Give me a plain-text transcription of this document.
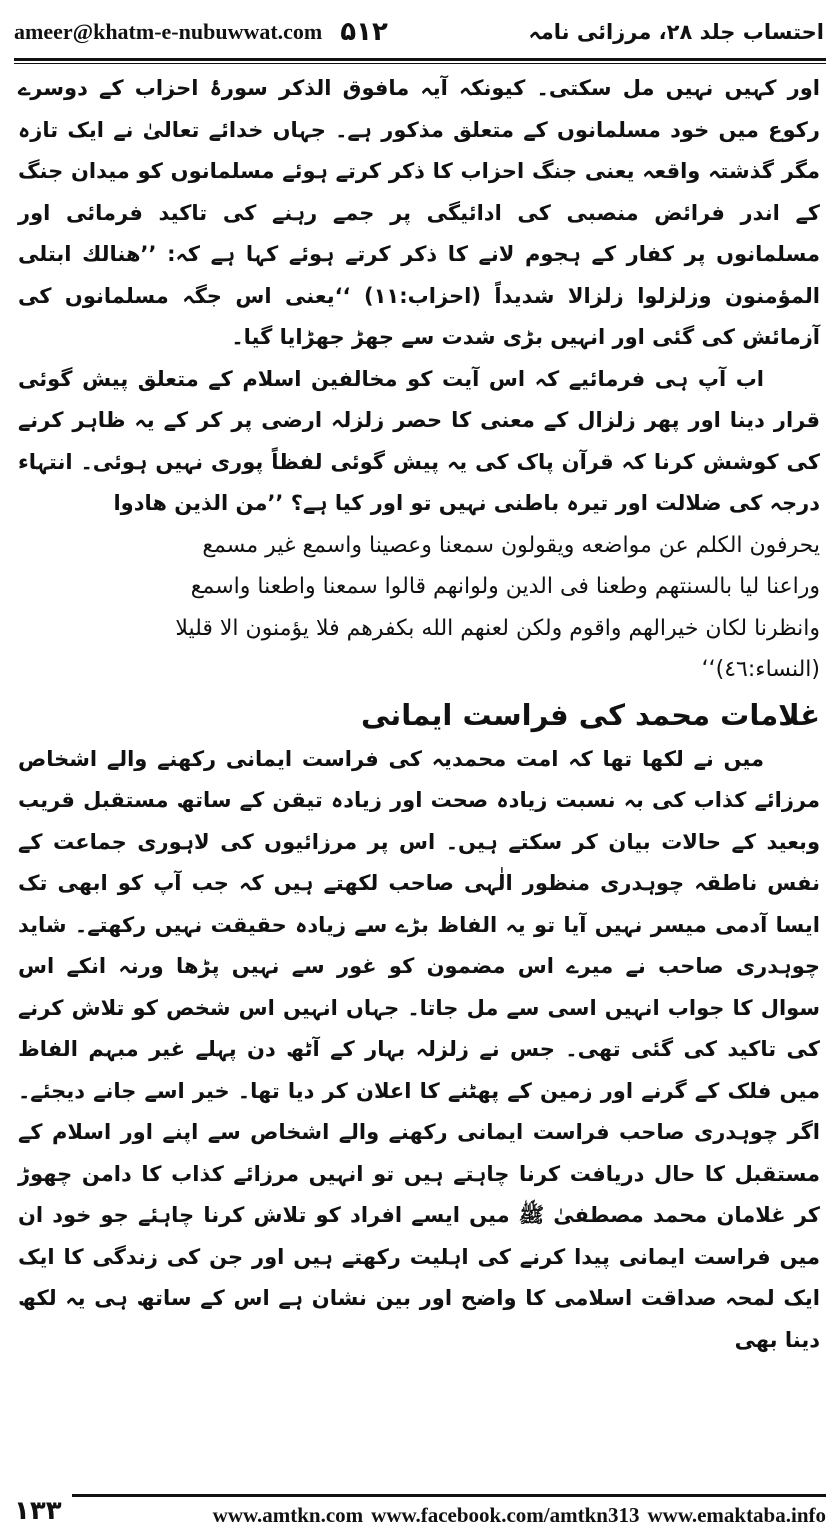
ameer@khatm-e-nubuwwat.com ۵۱۲	احتساب جلد ۲۸، مرزائی نامہ

اور کہیں نہیں مل سکتی۔ کیونکہ آیہ مافوق الذکر سورۂ احزاب کے دوسرے رکوع میں خود مسلمانوں کے متعلق مذکور ہے۔ جہاں خدائے تعالیٰ نے ایک تازہ مگر گذشتہ واقعہ یعنی جنگ احزاب کا ذکر کرتے ہوئے مسلمانوں کو میدان جنگ کے اندر فرائض منصبی کی ادائیگی پر جمے رہنے کی تاکید فرمائی اور مسلمانوں پر کفار کے ہجوم لانے کا ذکر کرتے ہوئے کہا ہے کہ: ’’ھنالك ابتلی المؤمنون وزلزلوا زلزالا شدیداً (احزاب:۱۱) ‘‘یعنی اس جگہ مسلمانوں کی آزمائش کی گئی اور انہیں بڑی شدت سے جھڑ جھڑایا گیا۔

اب آپ ہی فرمائیے کہ اس آیت کو مخالفین اسلام کے متعلق پیش گوئی قرار دینا اور پھر زلزال کے معنی کا حصر زلزلہ ارضی پر کر کے یہ ظاہر کرنے کی کوشش کرنا کہ قرآن پاک کی یہ پیش گوئی لفظاً پوری نہیں ہوئی۔ انتہاء درجہ کی ضلالت اور تیرہ باطنی نہیں تو اور کیا ہے؟ ’’من الذین ھادوا

یحرفون الکلم عن مواضعه ویقولون سمعنا وعصینا واسمع غیر مسمع

وراعنا لیا بالسنتهم وطعنا فی الدین ولوانهم قالوا سمعنا واطعنا واسمع

وانظرنا لکان خیرالهم واقوم ولکن لعنهم الله بکفرهم فلا یؤمنون الا قلیلا

(النساء:٤٦)‘‘

غلامات محمد کی فراست ایمانی

میں نے لکھا تھا کہ امت محمدیہ کی فراست ایمانی رکھنے والے اشخاص مرزائے کذاب کی بہ نسبت زیادہ صحت اور زیادہ تیقن کے ساتھ مستقبل قریب وبعید کے حالات بیان کر سکتے ہیں۔ اس پر مرزائیوں کی لاہوری جماعت کے نفس ناطقہ چوہدری منظور الٰہی صاحب لکھتے ہیں کہ جب آپ کو ابھی تک ایسا آدمی میسر نہیں آیا تو یہ الفاظ بڑے سے زیادہ حقیقت نہیں رکھتے۔ شاید چوہدری صاحب نے میرے اس مضمون کو غور سے نہیں پڑھا ورنہ انکے اس سوال کا جواب انہیں اسی سے مل جاتا۔ جہاں انہیں اس شخص کو تلاش کرنے کی تاکید کی گئی تھی۔ جس نے زلزلہ بہار کے آٹھ دن پہلے غیر مبہم الفاظ میں فلک کے گرنے اور زمین کے پھٹنے کا اعلان کر دیا تھا۔ خیر اسے جانے دیجئے۔ اگر چوہدری صاحب فراست ایمانی رکھنے والے اشخاص سے اپنے اور اسلام کے مستقبل کا حال دریافت کرنا چاہتے ہیں تو انہیں مرزائے کذاب کا دامن چھوڑ کر غلامان محمد مصطفیٰ ﷺ میں ایسے افراد کو تلاش کرنا چاہئے جو خود ان میں فراست ایمانی پیدا کرنے کی اہلیت رکھتے ہیں اور جن کی زندگی کا ایک ایک لمحہ صداقت اسلامی کا واضح اور بین نشان ہے اس کے ساتھ ہی یہ لکھ دینا بھی

۱۳۳	www.amtkn.com www.facebook.com/amtkn313 www.emaktaba.info
